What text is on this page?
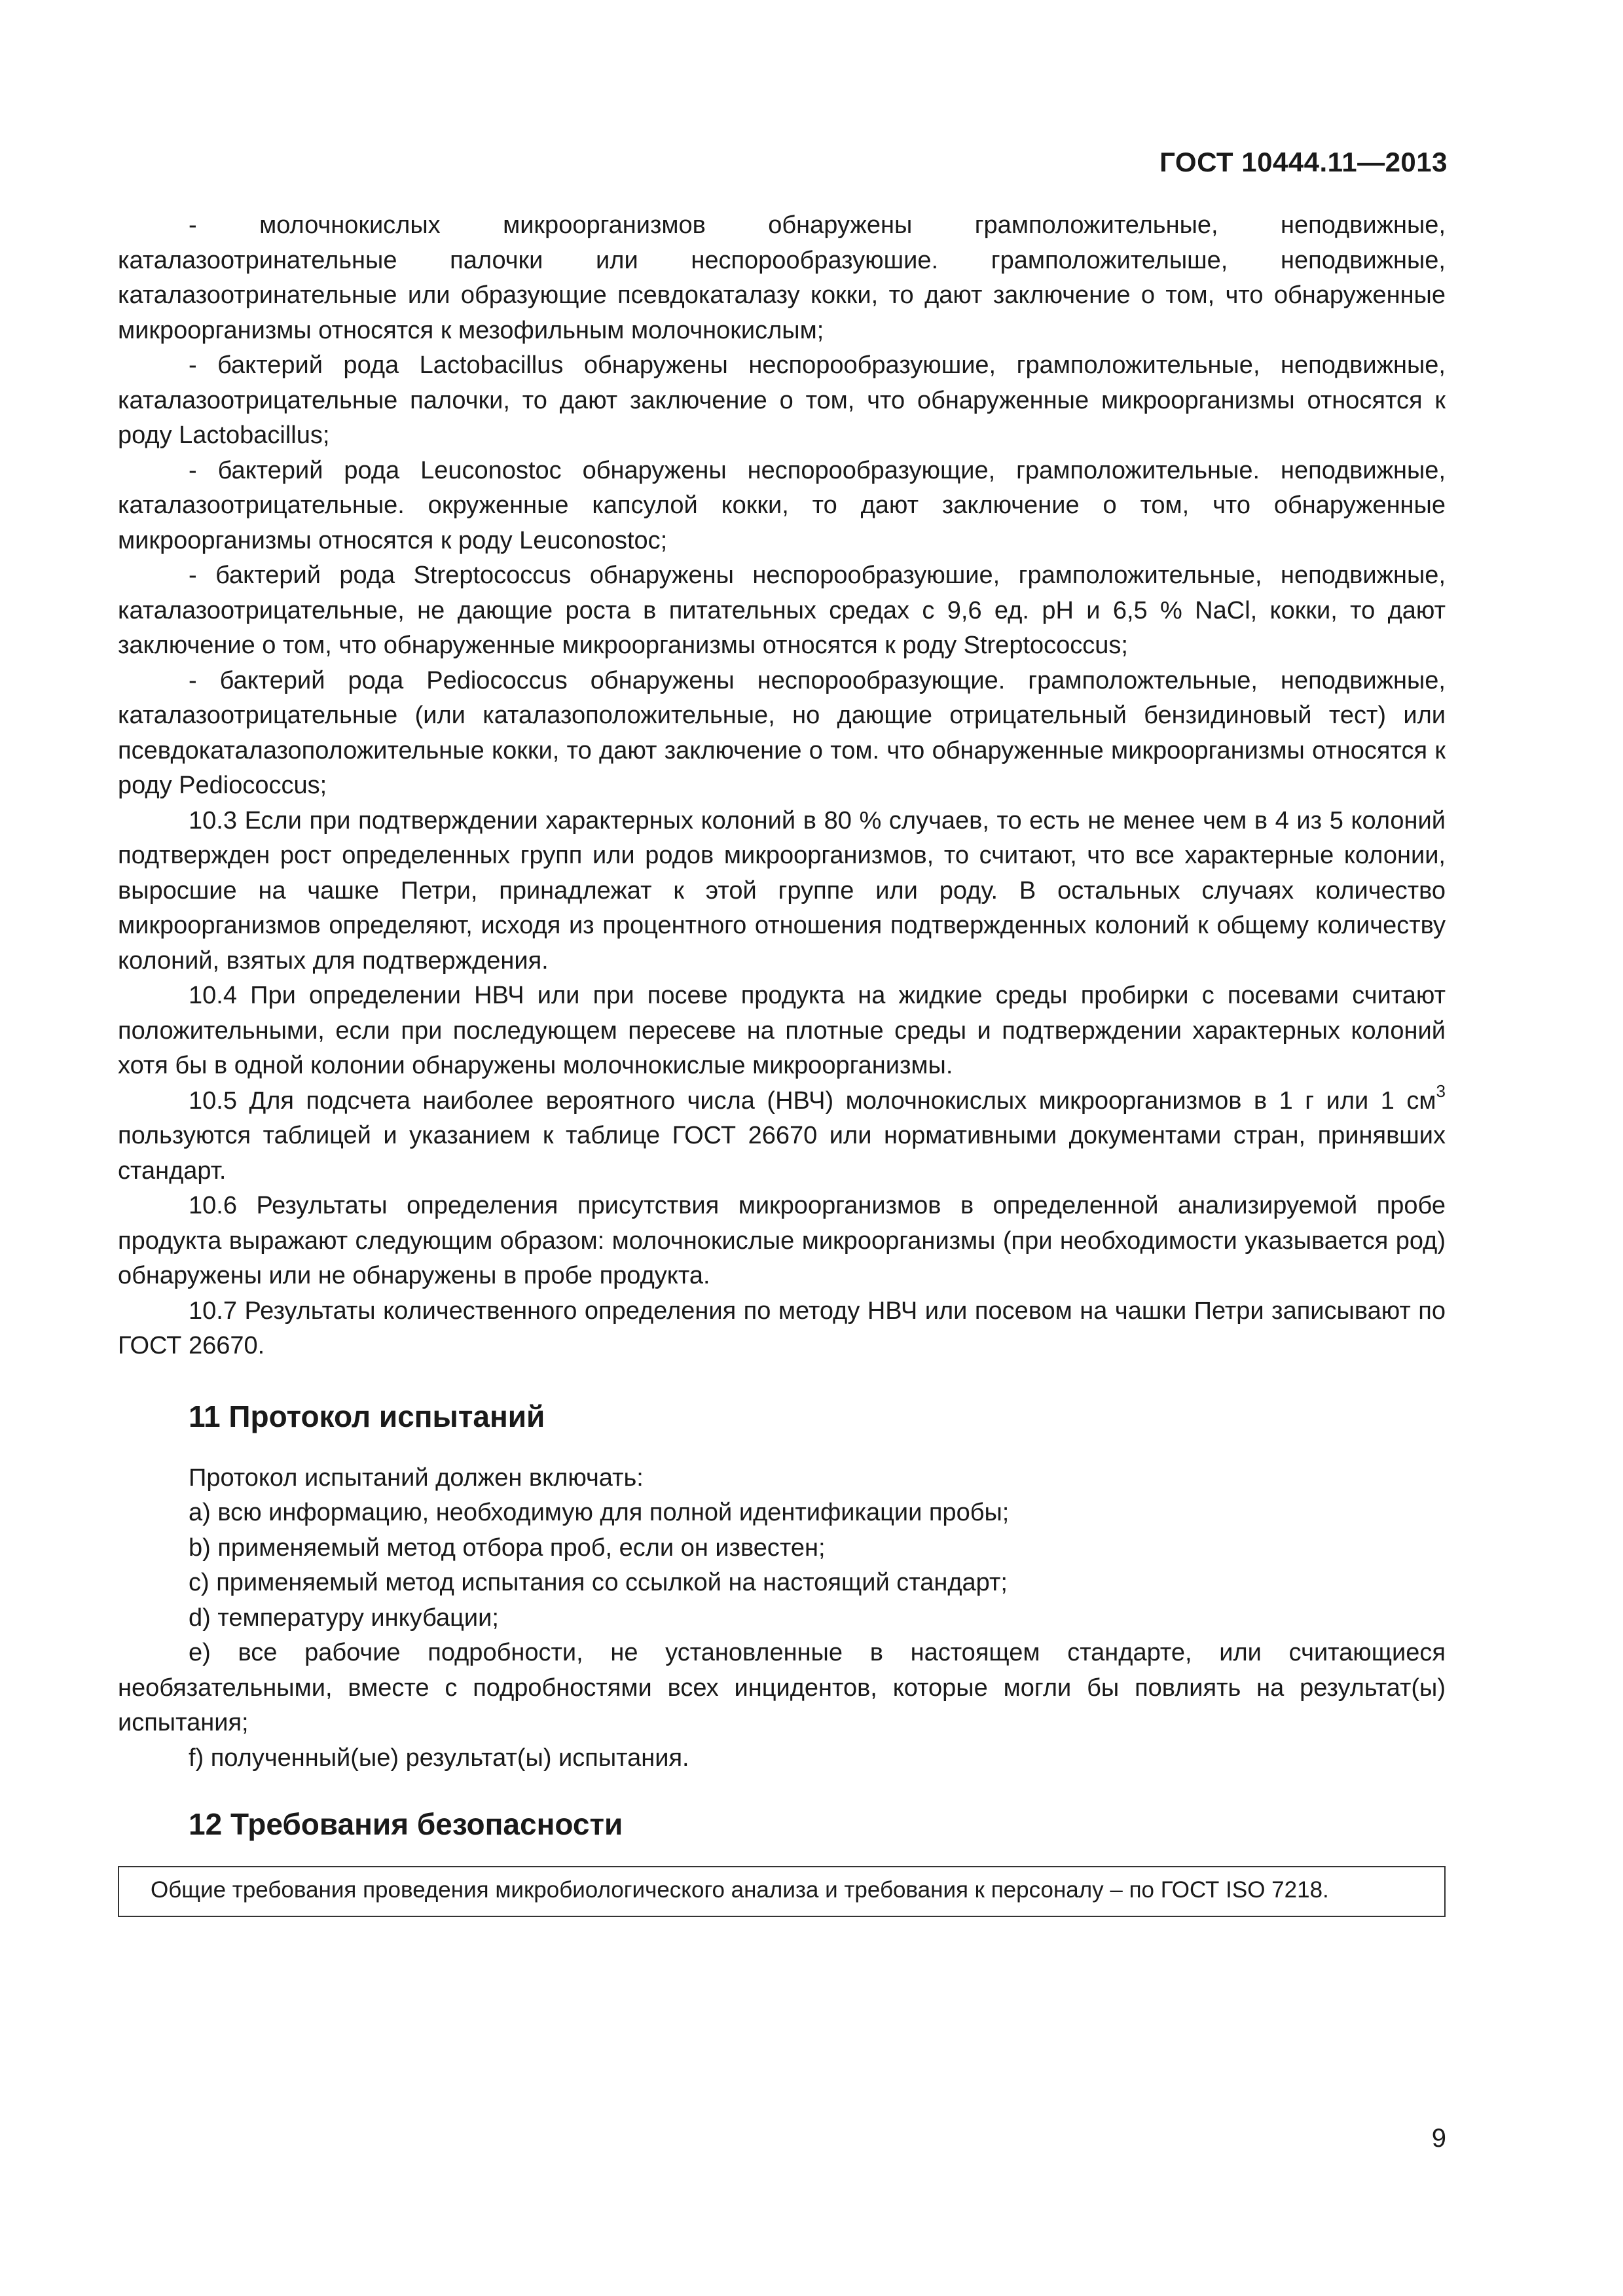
ГОСТ 10444.11—2013

- молочнокислых микроорганизмов обнаружены грамположительные, неподвижные, каталазоотринательные палочки или неспорообразуюшие. грамположителыше, неподвижные, каталазоотринательные или образующие псевдокаталазу кокки, то дают заключение о том, что обнаруженные микроорганизмы относятся к мезофильным молочнокислым;

- бактерий рода Lactobacillus обнаружены неспорообразуюшие, грамположительные, неподвижные, каталазоотрицательные палочки, то дают заключение о том, что обнаруженные микроорганизмы относятся к роду Lactobacillus;

- бактерий рода Leuconostoc обнаружены неспорообразующие, грамположительные. неподвижные, каталазоотрицательные. окруженные капсулой кокки, то дают заключение о том, что обнаруженные микроорганизмы относятся к роду Leuconostoc;

- бактерий рода Streptococcus обнаружены неспорообразуюшие, грамположительные, неподвижные, каталазоотрицательные, не дающие роста в питательных средах с 9,6 ед. pH и 6,5 % NaCl, кокки, то дают заключение о том, что обнаруженные микроорганизмы относятся к роду Streptococcus;

- бактерий рода Pediococcus обнаружены неспорообразующие. грамположтельные, неподвижные, каталазоотрицательные (или каталазоположительные, но дающие отрицательный бензидиновый тест) или псевдокаталазоположительные кокки, то дают заключение о том. что обнаруженные микроорганизмы относятся к роду Pediococcus;

10.3 Если при подтверждении характерных колоний в 80 % случаев, то есть не менее чем в 4 из 5 колоний подтвержден рост определенных групп или родов микроорганизмов, то считают, что все характерные колонии, выросшие на чашке Петри, принадлежат к этой группе или роду. В остальных случаях количество микроорганизмов определяют, исходя из процентного отношения подтвержденных колоний к общему количеству колоний, взятых для подтверждения.

10.4 При определении НВЧ или при посеве продукта на жидкие среды пробирки с посевами считают положительными, если при последующем пересеве на плотные среды и подтверждении характерных колоний хотя бы в одной колонии обнаружены молочнокислые микроорганизмы.

10.5 Для подсчета наиболее вероятного числа (НВЧ) молочнокислых микроорганизмов в 1 г или 1 $см^3$ пользуются таблицей и указанием к таблице ГОСТ 26670 или нормативными документами стран, принявших стандарт.

10.6 Результаты определения присутствия микроорганизмов в определенной анализируемой пробе продукта выражают следующим образом: молочнокислые микроорганизмы (при необходимости указывается род) обнаружены или не обнаружены в пробе продукта.

10.7 Результаты количественного определения по методу НВЧ или посевом на чашки Петри записывают по ГОСТ 26670.

11 Протокол испытаний

Протокол испытаний должен включать:

а) всю информацию, необходимую для полной идентификации пробы;

b) применяемый метод отбора проб, если он известен;

с) применяемый метод испытания со ссылкой на настоящий стандарт;

d) температуру инкубации;

е) все рабочие подробности, не установленные в настоящем стандарте, или считающиеся необязательными, вместе с подробностями всех инцидентов, которые могли бы повлиять на результат(ы) испытания;

f) полученный(ые) результат(ы) испытания.

12 Требования безопасности
Общие требования проведения микробиологического анализа и требования к персоналу – по ГОСТ ISO 7218.
9
